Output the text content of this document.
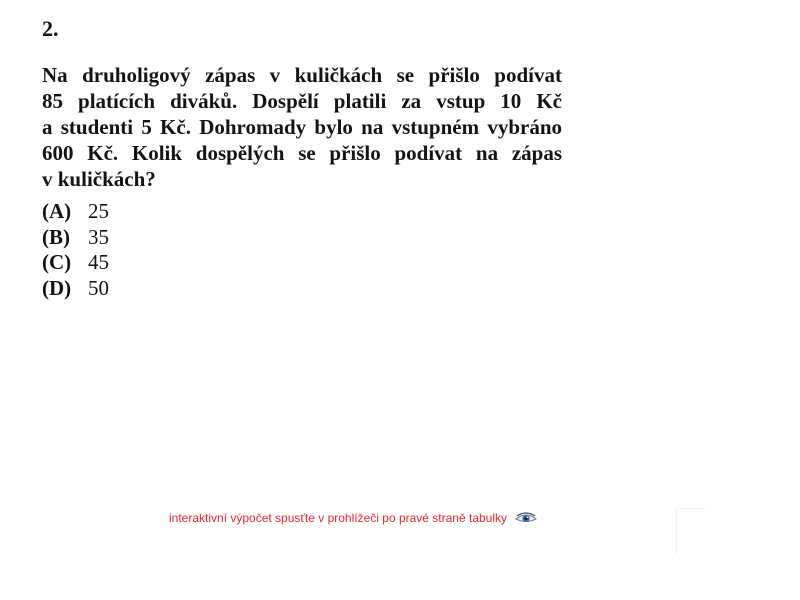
2.
Na druholigový zápas v kuličkách se přišlo podívat
85 platících diváků. Dospělí platili za vstup 10 Kč
a studenti 5 Kč. Dohromady bylo na vstupném vybráno
600 Kč. Kolik dospělých se přišlo podívat na zápas
v kuličkách?
(A) 25
(B) 35
(C) 45
(D) 50
interaktivní výpočet spusťte v prohlížeči po pravé straně tabulky
